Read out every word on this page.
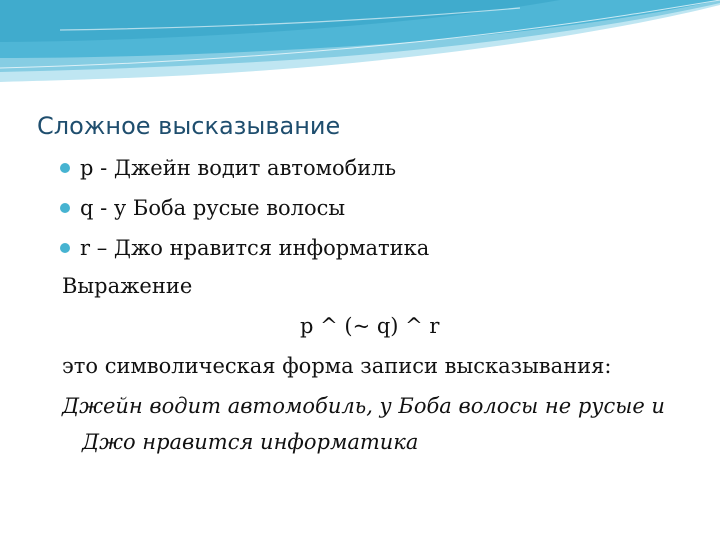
Сложное высказывание
p - Джейн водит автомобиль
q - у Боба русые волосы
r – Джо нравится информатика
Выражение
p ^ (~ q) ^ r
это символическая форма записи высказывания:
Джейн водит автомобиль, у Боба волосы не русые и
Джо нравится информатика
